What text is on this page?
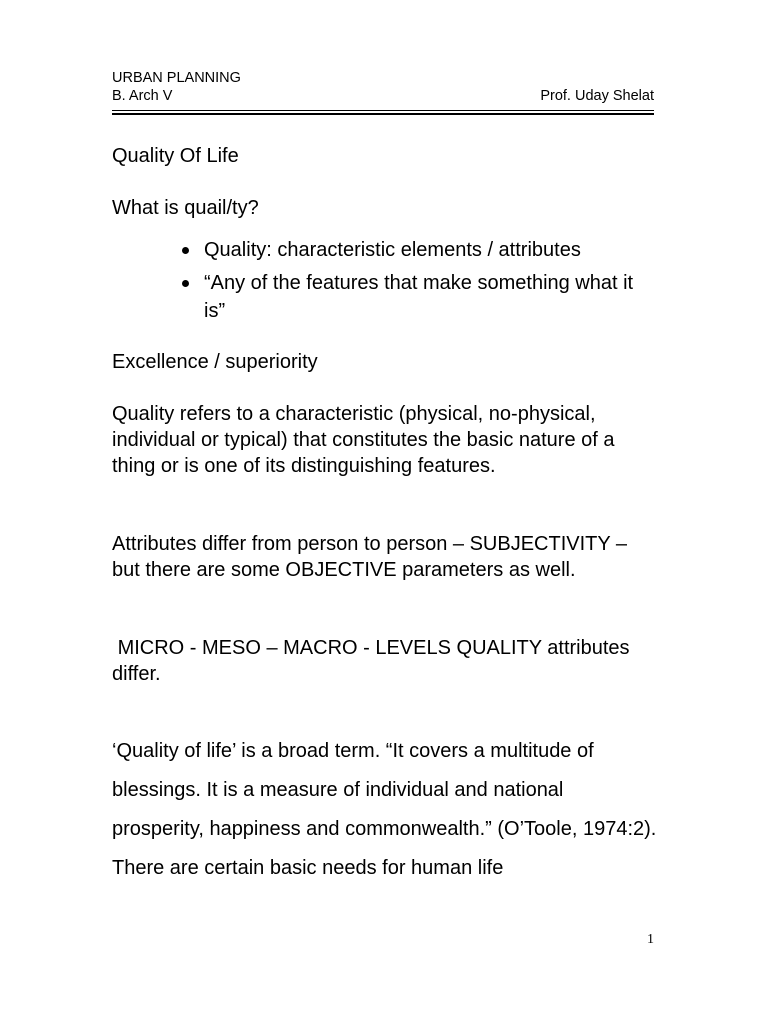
URBAN PLANNING
B. Arch V	Prof. Uday Shelat

Quality Of Life

What is quail/ty?

Quality: characteristic elements / attributes
“Any of the features that make something what it is”

Excellence / superiority

Quality refers to a characteristic (physical, no-physical, individual or typical) that constitutes the basic nature of a thing or is one of its distinguishing features.

Attributes differ from person to person – SUBJECTIVITY – but there are some OBJECTIVE parameters as well.

MICRO - MESO – MACRO - LEVELS QUALITY attributes differ.

‘Quality of life’ is a broad term. “It covers a multitude of blessings. It is a measure of individual and national prosperity, happiness and commonwealth.” (O’Toole, 1974:2). There are certain basic needs for human life

1
